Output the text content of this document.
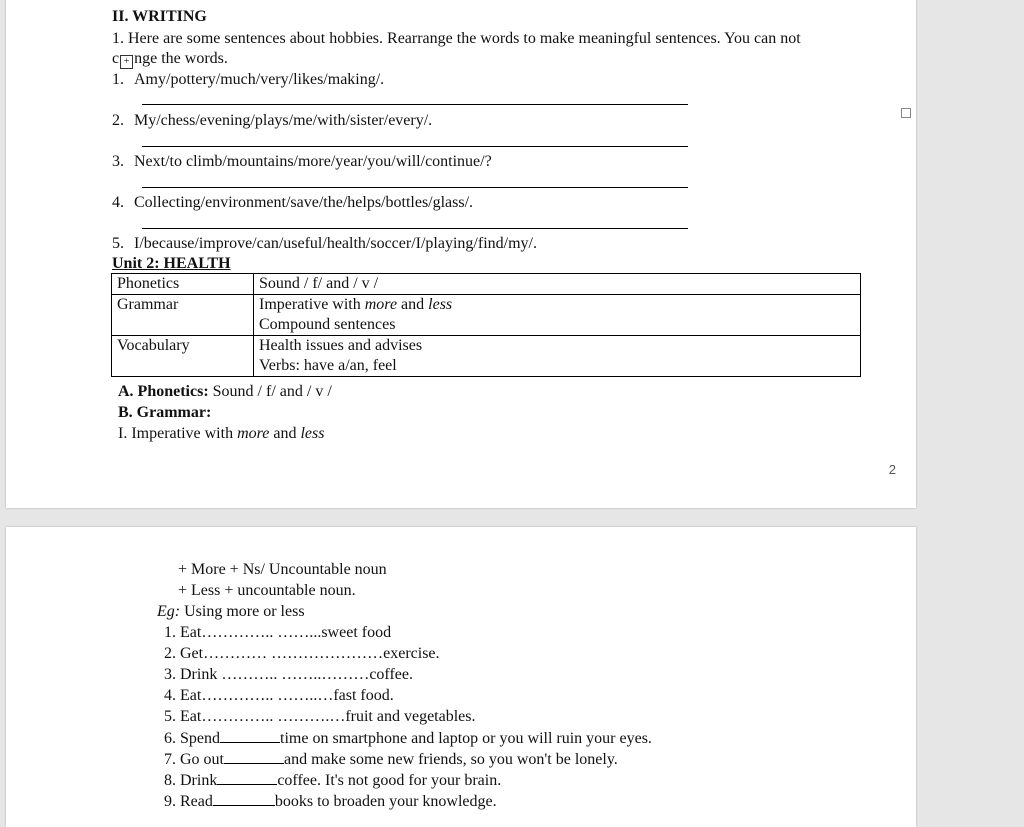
II. WRITING
1. Here are some sentences about hobbies. Rearrange the words to make meaningful sentences. You can not
c + nge the words.
1. Amy/pottery/much/very/likes/making/.
2. My/chess/evening/plays/me/with/sister/every/.
3. Next/to climb/mountains/more/year/you/will/continue/?
4. Collecting/environment/save/the/helps/bottles/glass/.
5. I/because/improve/can/useful/health/soccer/I/playing/find/my/.
Unit 2: HEALTH
Phonetics	Sound / f/ and / v /
Grammar	Imperative with more and less
Compound sentences

Vocabulary	Health issues and advises
Verbs: have a/an, feel
A. Phonetics: Sound / f/ and / v /
B. Grammar:
I. Imperative with more and less
2
+ More + Ns/ Uncountable noun
+ Less + uncountable noun.
Eg: Using more or less
1. Eat………….. ……...sweet food
2. Get………… …………………exercise.
3. Drink ……….. ……..………coffee.
4. Eat………….. ……..…fast food.
5. Eat………….. ……….…fruit and vegetables.
6. Spend	time on smartphone and laptop or you will ruin your eyes.
7. Go out	and make some new friends, so you won't be lonely.
8. Drink	coffee. It's not good for your brain.
9. Read	books to broaden your knowledge.
